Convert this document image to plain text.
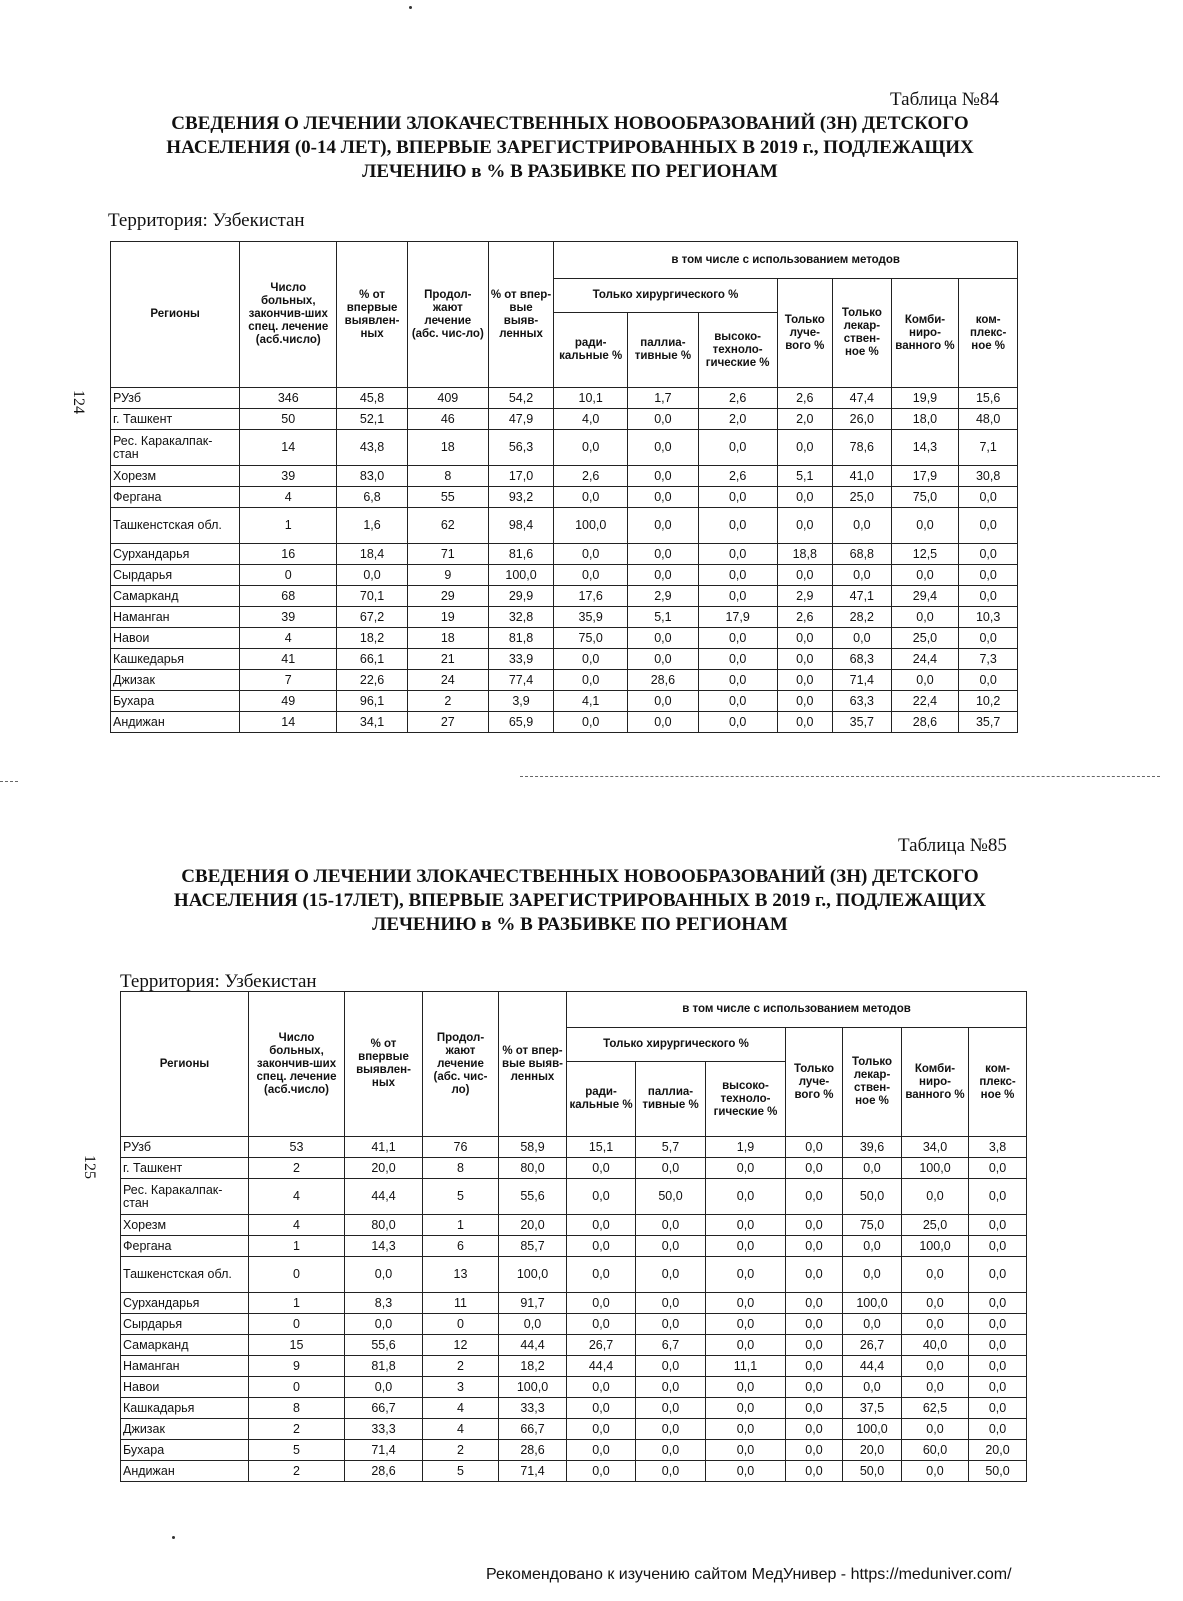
Таблица №84
СВЕДЕНИЯ О ЛЕЧЕНИИ ЗЛОКАЧЕСТВЕННЫХ НОВООБРАЗОВАНИЙ (ЗН) ДЕТСКОГО НАСЕЛЕНИЯ (0-14 ЛЕТ), ВПЕРВЫЕ ЗАРЕГИСТРИРОВАННЫХ В 2019 г., ПОДЛЕЖАЩИХ ЛЕЧЕНИЮ в % В РАЗБИВКЕ ПО РЕГИОНАМ
Территория: Узбекистан
124
Регионы	Число больных, закончив-ших спец. лечение (асб.число)	% от впервые выявлен-ных	Продол-жают лечение (абс. чис-ло)	% от впер-вые выяв-ленных	в том числе с использованием методов						
					Только хирургического %			Только луче-вого %	Только лекар-ствен-ное %	Комби-ниро-ванного %	ком-плекс-ное %
					ради-кальные %	паллиа-тивные %	высоко-техноло-гические %				
РУзб	346	45,8	409	54,2	10,1	1,7	2,6	2,6	47,4	19,9	15,6
г. Ташкент	50	52,1	46	47,9	4,0	0,0	2,0	2,0	26,0	18,0	48,0
Рес. Каракалпак-стан	14	43,8	18	56,3	0,0	0,0	0,0	0,0	78,6	14,3	7,1
Хорезм	39	83,0	8	17,0	2,6	0,0	2,6	5,1	41,0	17,9	30,8
Фергана	4	6,8	55	93,2	0,0	0,0	0,0	0,0	25,0	75,0	0,0
Ташкенстская обл.	1	1,6	62	98,4	100,0	0,0	0,0	0,0	0,0	0,0	0,0
Сурхандарья	16	18,4	71	81,6	0,0	0,0	0,0	18,8	68,8	12,5	0,0
Сырдарья	0	0,0	9	100,0	0,0	0,0	0,0	0,0	0,0	0,0	0,0
Самарканд	68	70,1	29	29,9	17,6	2,9	0,0	2,9	47,1	29,4	0,0
Наманган	39	67,2	19	32,8	35,9	5,1	17,9	2,6	28,2	0,0	10,3
Навои	4	18,2	18	81,8	75,0	0,0	0,0	0,0	0,0	25,0	0,0
Кашкедарья	41	66,1	21	33,9	0,0	0,0	0,0	0,0	68,3	24,4	7,3
Джизак	7	22,6	24	77,4	0,0	28,6	0,0	0,0	71,4	0,0	0,0
Бухара	49	96,1	2	3,9	4,1	0,0	0,0	0,0	63,3	22,4	10,2
Андижан	14	34,1	27	65,9	0,0	0,0	0,0	0,0	35,7	28,6	35,7
Таблица №85
СВЕДЕНИЯ О ЛЕЧЕНИИ ЗЛОКАЧЕСТВЕННЫХ НОВООБРАЗОВАНИЙ (ЗН) ДЕТСКОГО НАСЕЛЕНИЯ (15-17ЛЕТ), ВПЕРВЫЕ ЗАРЕГИСТРИРОВАННЫХ В 2019 г., ПОДЛЕЖАЩИХ ЛЕЧЕНИЮ в % В РАЗБИВКЕ ПО РЕГИОНАМ
Территория: Узбекистан
125
Регионы	Число больных, закончив-ших спец. лечение (асб.число)	% от впервые выявлен-ных	Продол-жают лечение (абс. чис-ло)	% от впер-вые выяв-ленных	в том числе с использованием методов						
					Только хирургического %			Только луче-вого %	Только лекар-ствен-ное %	Комби-ниро-ванного %	ком-плекс-ное %
					ради-кальные %	паллиа-тивные %	высоко-техноло-гические %				
РУзб	53	41,1	76	58,9	15,1	5,7	1,9	0,0	39,6	34,0	3,8
г. Ташкент	2	20,0	8	80,0	0,0	0,0	0,0	0,0	0,0	100,0	0,0
Рес. Каракалпак-стан	4	44,4	5	55,6	0,0	50,0	0,0	0,0	50,0	0,0	0,0
Хорезм	4	80,0	1	20,0	0,0	0,0	0,0	0,0	75,0	25,0	0,0
Фергана	1	14,3	6	85,7	0,0	0,0	0,0	0,0	0,0	100,0	0,0
Ташкенстская обл.	0	0,0	13	100,0	0,0	0,0	0,0	0,0	0,0	0,0	0,0
Сурхандарья	1	8,3	11	91,7	0,0	0,0	0,0	0,0	100,0	0,0	0,0
Сырдарья	0	0,0	0	0,0	0,0	0,0	0,0	0,0	0,0	0,0	0,0
Самарканд	15	55,6	12	44,4	26,7	6,7	0,0	0,0	26,7	40,0	0,0
Наманган	9	81,8	2	18,2	44,4	0,0	11,1	0,0	44,4	0,0	0,0
Навои	0	0,0	3	100,0	0,0	0,0	0,0	0,0	0,0	0,0	0,0
Кашкадарья	8	66,7	4	33,3	0,0	0,0	0,0	0,0	37,5	62,5	0,0
Джизак	2	33,3	4	66,7	0,0	0,0	0,0	0,0	100,0	0,0	0,0
Бухара	5	71,4	2	28,6	0,0	0,0	0,0	0,0	20,0	60,0	20,0
Андижан	2	28,6	5	71,4	0,0	0,0	0,0	0,0	50,0	0,0	50,0
Рекомендовано к изучению сайтом МедУнивер - https://meduniver.com/
